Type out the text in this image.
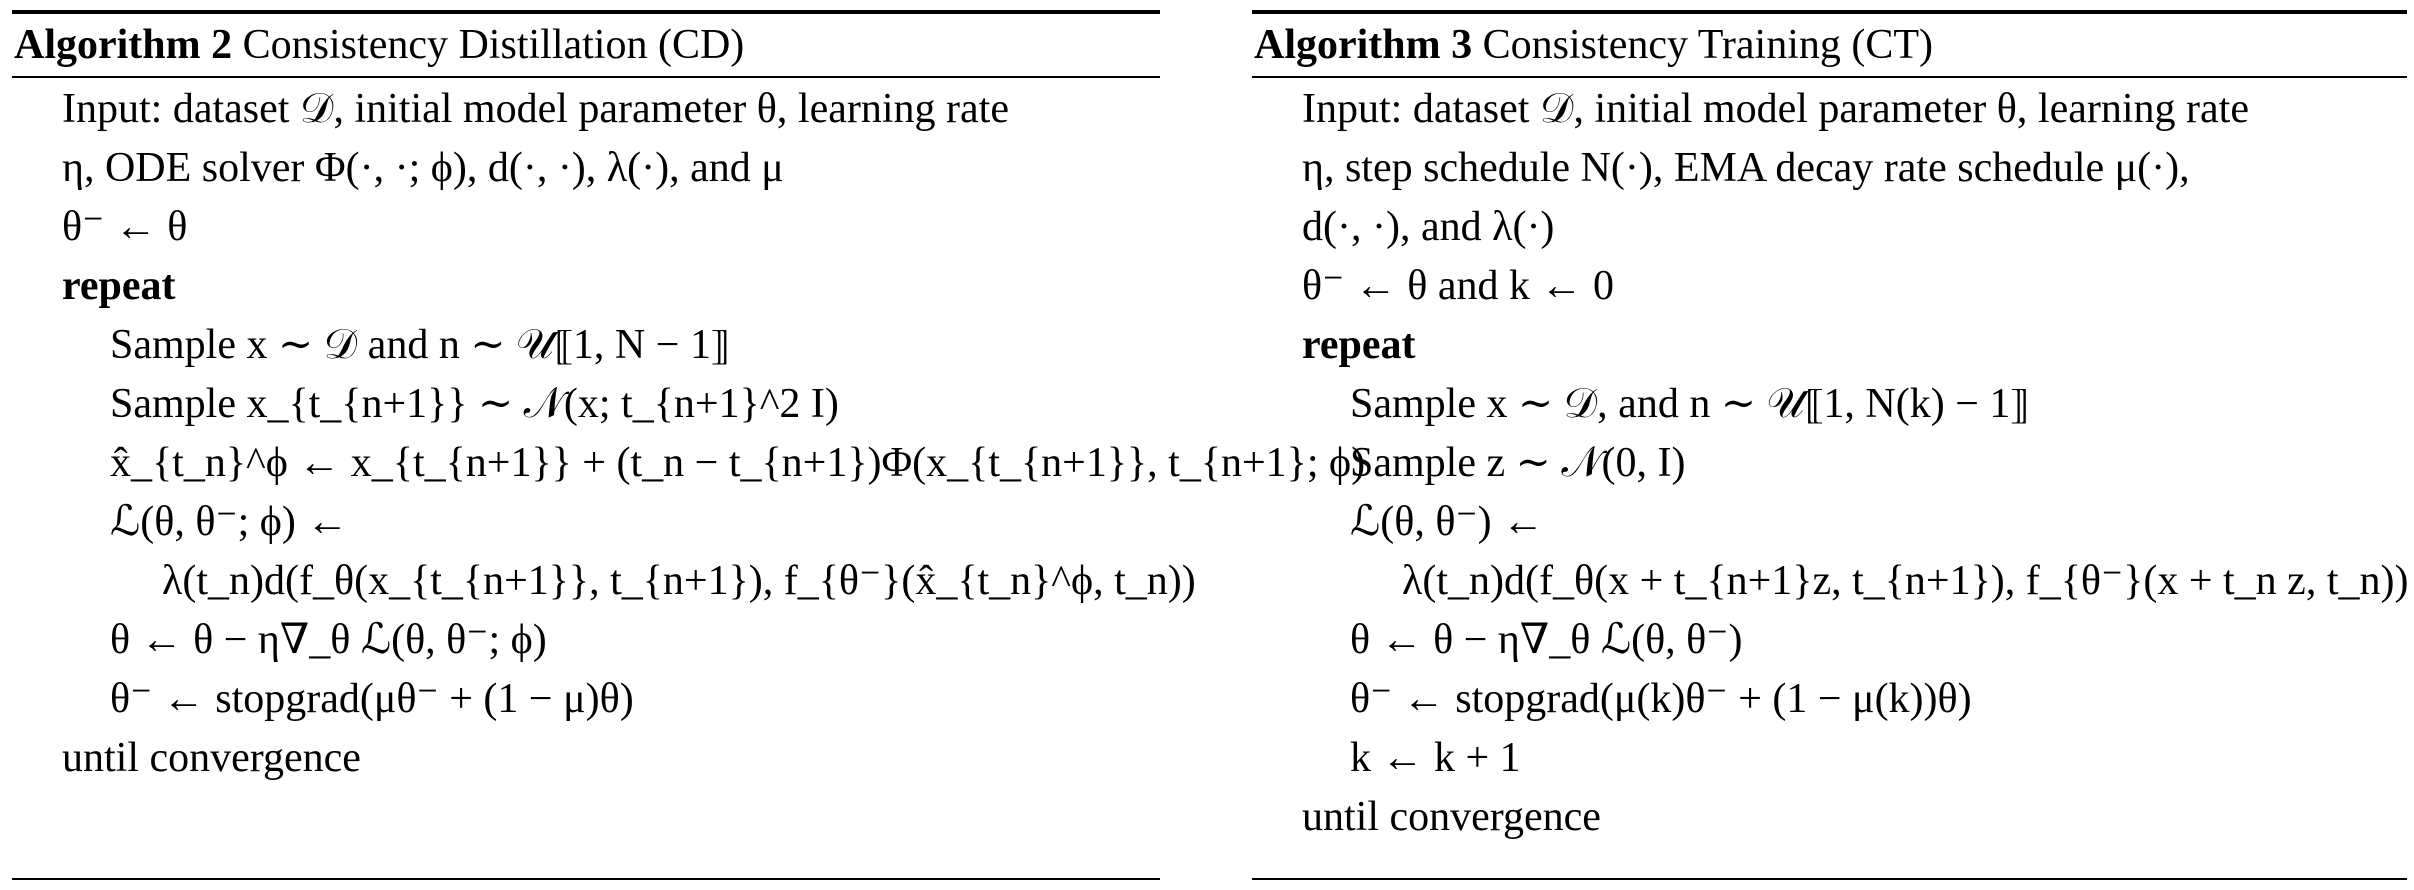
Algorithm 2 Consistency Distillation (CD)
Input: dataset 𝒟, initial model parameter θ, learning rate
η, ODE solver Φ(·, ·; ϕ), d(·, ·), λ(·), and μ
θ⁻ ← θ
repeat
Sample x ∼ 𝒟 and n ∼ 𝒰⟦1, N − 1⟧
Sample x_{t_{n+1}} ∼ 𝒩(x; t_{n+1}^2 I)
x̂_{t_n}^ϕ ← x_{t_{n+1}} + (t_n − t_{n+1})Φ(x_{t_{n+1}}, t_{n+1}; ϕ)
ℒ(θ, θ⁻; ϕ) ←
λ(t_n)d(f_θ(x_{t_{n+1}}, t_{n+1}), f_{θ⁻}(x̂_{t_n}^ϕ, t_n))
θ ← θ − η∇_θ ℒ(θ, θ⁻; ϕ)
θ⁻ ← stopgrad(μθ⁻ + (1 − μ)θ)
until convergence
Algorithm 3 Consistency Training (CT)
Input: dataset 𝒟, initial model parameter θ, learning rate
η, step schedule N(·), EMA decay rate schedule μ(·),
d(·, ·), and λ(·)
θ⁻ ← θ and k ← 0
repeat
Sample x ∼ 𝒟, and n ∼ 𝒰⟦1, N(k) − 1⟧
Sample z ∼ 𝒩(0, I)
ℒ(θ, θ⁻) ←
λ(t_n)d(f_θ(x + t_{n+1}z, t_{n+1}), f_{θ⁻}(x + t_n z, t_n))
θ ← θ − η∇_θ ℒ(θ, θ⁻)
θ⁻ ← stopgrad(μ(k)θ⁻ + (1 − μ(k))θ)
k ← k + 1
until convergence
